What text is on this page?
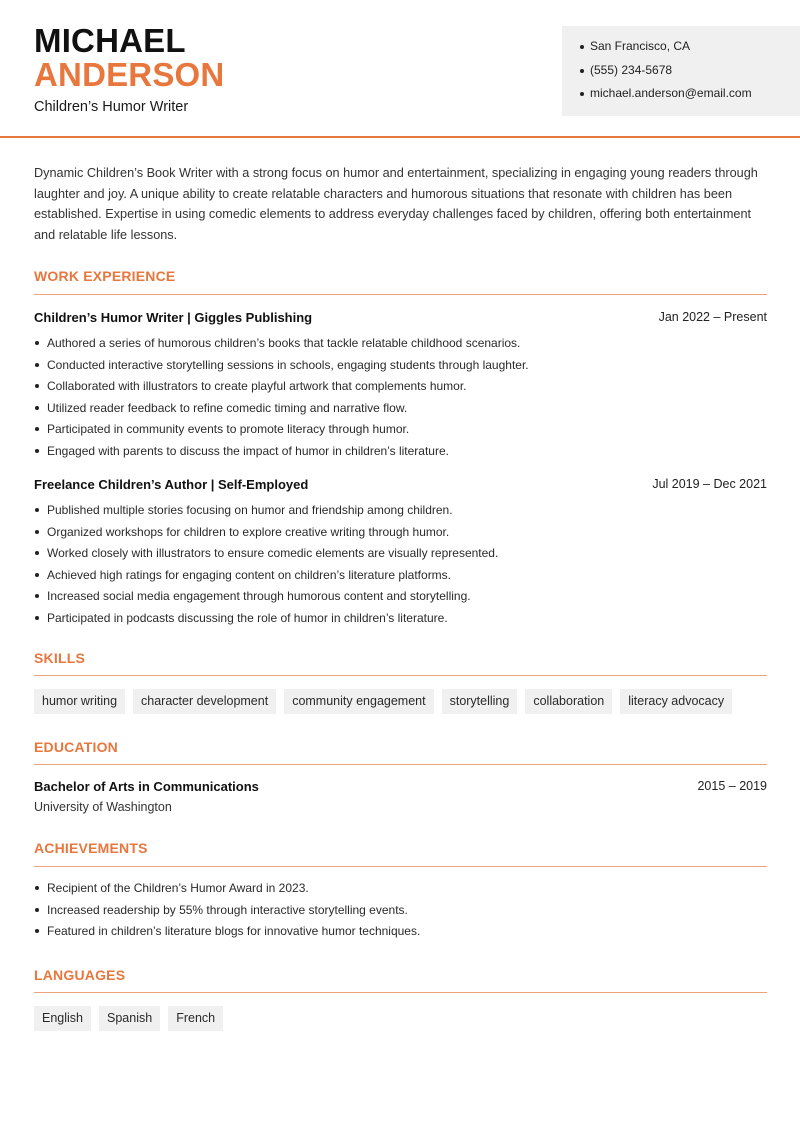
MICHAEL
ANDERSON
Children’s Humor Writer
San Francisco, CA
(555) 234-5678
michael.anderson@email.com

Dynamic Children’s Book Writer with a strong focus on humor and entertainment, specializing in engaging young readers through laughter and joy. A unique ability to create relatable characters and humorous situations that resonate with children has been established. Expertise in using comedic elements to address everyday challenges faced by children, offering both entertainment and relatable life lessons.

WORK EXPERIENCE
Children’s Humor Writer | Giggles Publishing	Jan 2022 – Present
Authored a series of humorous children’s books that tackle relatable childhood scenarios.
Conducted interactive storytelling sessions in schools, engaging students through laughter.
Collaborated with illustrators to create playful artwork that complements humor.
Utilized reader feedback to refine comedic timing and narrative flow.
Participated in community events to promote literacy through humor.
Engaged with parents to discuss the impact of humor in children’s literature.
Freelance Children’s Author | Self-Employed	Jul 2019 – Dec 2021
Published multiple stories focusing on humor and friendship among children.
Organized workshops for children to explore creative writing through humor.
Worked closely with illustrators to ensure comedic elements are visually represented.
Achieved high ratings for engaging content on children’s literature platforms.
Increased social media engagement through humorous content and storytelling.
Participated in podcasts discussing the role of humor in children’s literature.
SKILLS
humor writing	character development	community engagement	storytelling	collaboration	literacy advocacy
EDUCATION
Bachelor of Arts in Communications	2015 – 2019
University of Washington
ACHIEVEMENTS
Recipient of the Children’s Humor Award in 2023.
Increased readership by 55% through interactive storytelling events.
Featured in children’s literature blogs for innovative humor techniques.
LANGUAGES
English	Spanish	French
